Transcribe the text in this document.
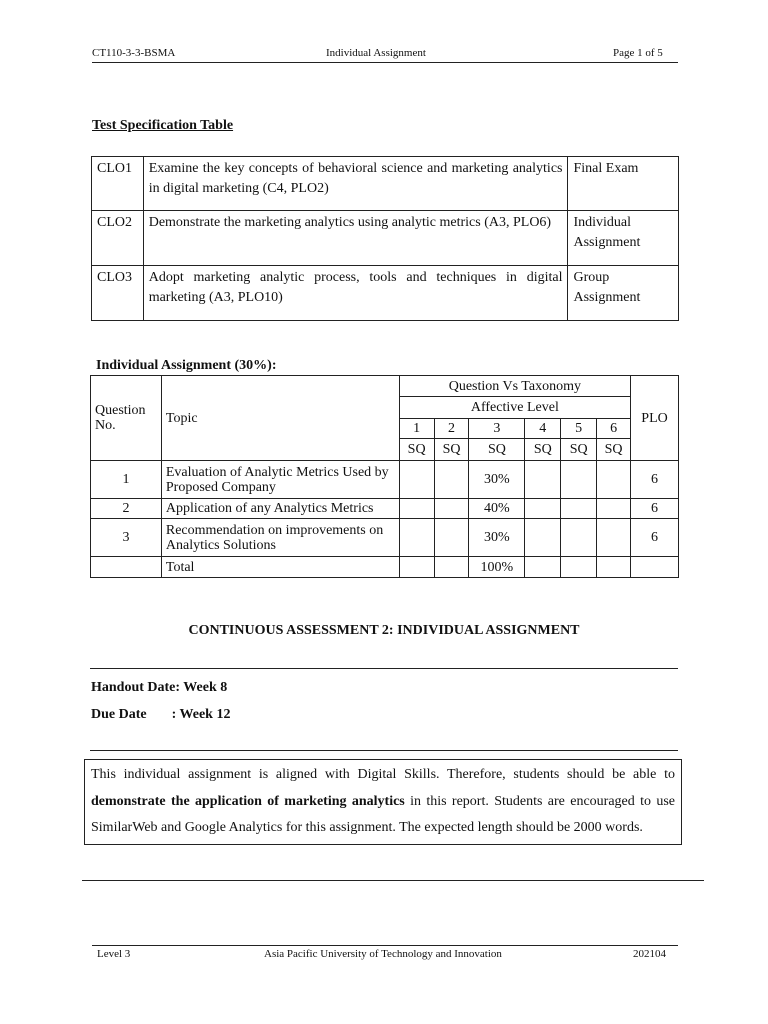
CT110-3-3-BSMA	Individual Assignment	Page 1 of 5
Test Specification Table
CLO1	Examine the key concepts of behavioral science and marketing analytics in digital marketing (C4, PLO2)	Final Exam
CLO2	Demonstrate the marketing analytics using analytic metrics (A3, PLO6)	Individual Assignment
CLO3	Adopt marketing analytic process, tools and techniques in digital marketing (A3, PLO10)	Group Assignment
Individual Assignment (30%):
Question No.	Topic	Question Vs Taxonomy						PLO
		Affective Level						
		1	2	3	4	5	6	
		SQ	SQ	SQ	SQ	SQ	SQ	
1	Evaluation of Analytic Metrics Used by Proposed Company			30%				6
2	Application of any Analytics Metrics			40%				6
3	Recommendation on improvements on Analytics Solutions			30%				6
	Total			100%				
CONTINUOUS ASSESSMENT 2: INDIVIDUAL ASSIGNMENT
Handout Date: Week 8
Due Date : Week 12
This individual assignment is aligned with Digital Skills. Therefore, students should be able to demonstrate the application of marketing analytics in this report. Students are encouraged to use SimilarWeb and Google Analytics for this assignment. The expected length should be 2000 words.
Level 3	Asia Pacific University of Technology and Innovation	202104
